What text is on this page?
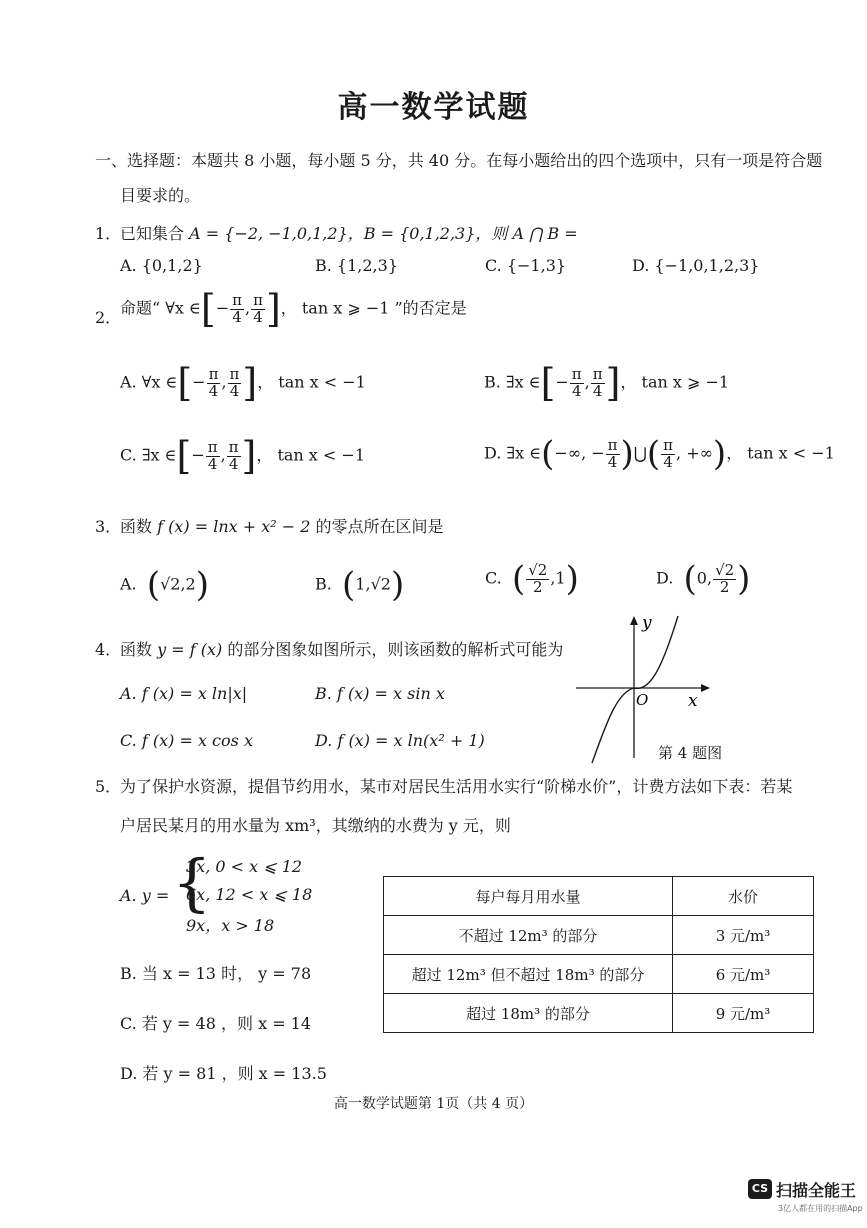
高一数学试题
一、选择题：本题共 8 小题，每小题 5 分，共 40 分。在每小题给出的四个选项中，只有一项是符合题
目要求的。
1．
已知集合 A = {−2, −1,0,1,2}，B = {0,1,2,3}，则 A ⋂ B =
A. {0,1,2}	B. {1,2,3}	C. {−1,3}	D. {−1,0,1,2,3}
2．
命题“ ∀x ∈[− $\frac{\pi}{4}$ , $\frac{\pi}{4}$ ]， tan x ⩾ −1 ”的否定是
A. ∀x ∈[− $\frac{\pi}{4}$ , $\frac{\pi}{4}$ ]， tan x < −1	B. ∃x ∈[− $\frac{\pi}{4}$ , $\frac{\pi}{4}$ ]， tan x ⩾ −1
C. ∃x ∈[− $\frac{\pi}{4}$ , $\frac{\pi}{4}$ ]， tan x < −1	D. ∃x ∈(−∞, − $\frac{\pi}{4}$ )⋃( $\frac{\pi}{4}$ , +∞)， tan x < −1
3．
函数 f (x) = lnx + x² − 2 的零点所在区间是
A. (√2,2)	B. (1,√2)	C. ( $\frac{√2}{2} ,1$)	D. (0, $\frac{√2}{2}$ )
4．
函数 y = f (x) 的部分图象如图所示，则该函数的解析式可能为
A. f (x) = x ln|x|	B. f (x) = x sin x
C. f (x) = x cos x	D. f (x) = x ln(x² + 1)
y
x
O
第 4 题图
5．
为了保护水资源，提倡节约用水，某市对居民生活用水实行“阶梯水价”，计费方法如下表：若某
户居民某月的用水量为 xm³，其缴纳的水费为 y 元，则
A. y = {
3x, 0 < x ⩽ 12
6x, 12 < x ⩽ 18
9x，x > 18
B. 当 x = 13 时， y = 78
C. 若 y = 48 ，则 x = 14
D. 若 y = 81 ，则 x = 13.5
每户每月用水量	水价
不超过 12m³ 的部分	3 元/m³
超过 12m³ 但不超过 18m³ 的部分	6 元/m³
超过 18m³ 的部分	9 元/m³
高一数学试题第 1页（共 4 页）
CS 扫描全能王
3亿人都在用的扫描App
